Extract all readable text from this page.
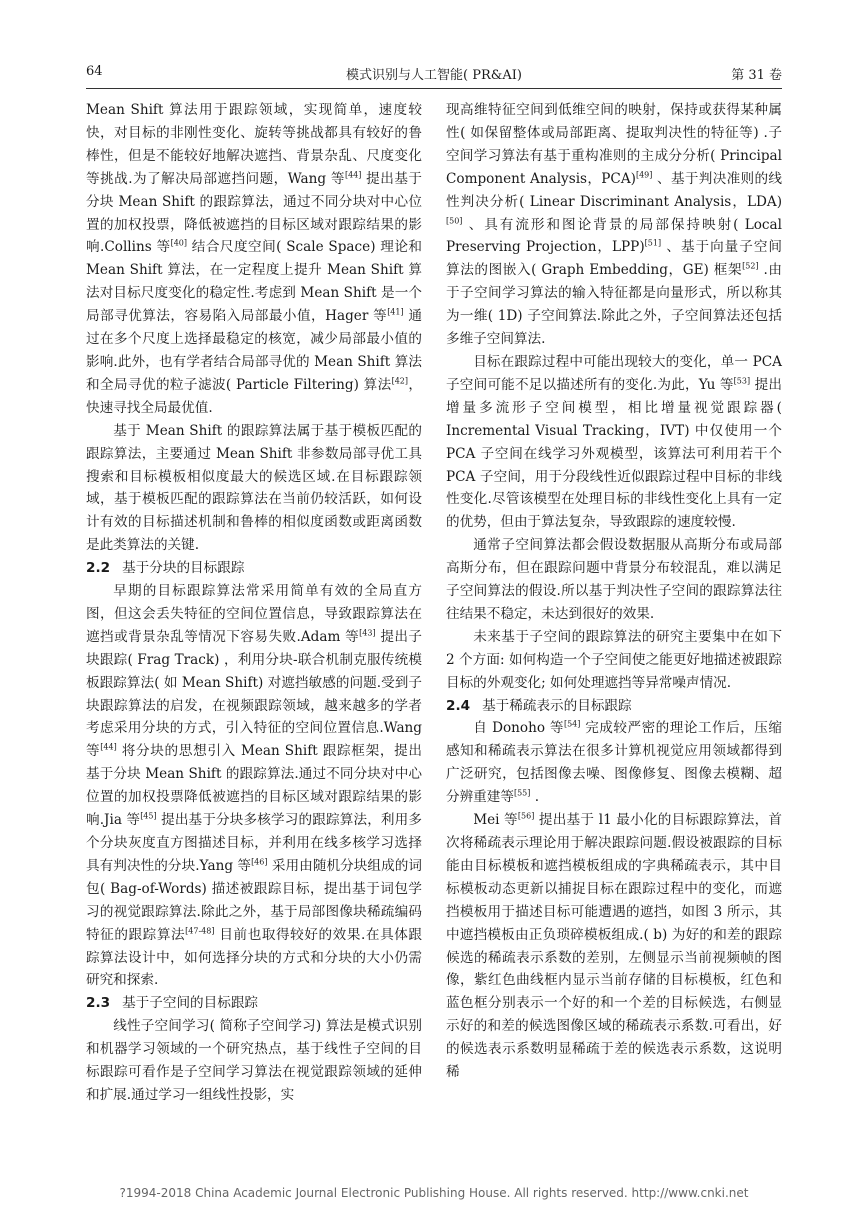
64	模式识别与人工智能( PR&AI)	第 31 卷

Mean Shift 算法用于跟踪领域，实现简单，速度较快，对目标的非刚性变化、旋转等挑战都具有较好的鲁棒性，但是不能较好地解决遮挡、背景杂乱、尺度变化等挑战.为了解决局部遮挡问题，Wang 等[44] 提出基于分块 Mean Shift 的跟踪算法，通过不同分块对中心位置的加权投票，降低被遮挡的目标区域对跟踪结果的影响.Collins 等[40] 结合尺度空间( Scale Space) 理论和 Mean Shift 算法，在一定程度上提升 Mean Shift 算法对目标尺度变化的稳定性.考虑到 Mean Shift 是一个局部寻优算法，容易陷入局部最小值，Hager 等[41] 通过在多个尺度上选择最稳定的核宽，减少局部最小值的影响.此外，也有学者结合局部寻优的 Mean Shift 算法和全局寻优的粒子滤波( Particle Filtering) 算法[42]，快速寻找全局最优值.

基于 Mean Shift 的跟踪算法属于基于模板匹配的跟踪算法，主要通过 Mean Shift 非参数局部寻优工具搜索和目标模板相似度最大的候选区域.在目标跟踪领域，基于模板匹配的跟踪算法在当前仍较活跃，如何设计有效的目标描述机制和鲁棒的相似度函数或距离函数是此类算法的关键.

2.2 基于分块的目标跟踪

早期的目标跟踪算法常采用简单有效的全局直方图，但这会丢失特征的空间位置信息，导致跟踪算法在遮挡或背景杂乱等情况下容易失败.Adam 等[43] 提出子块跟踪( Frag Track) ，利用分块-联合机制克服传统模板跟踪算法( 如 Mean Shift) 对遮挡敏感的问题.受到子块跟踪算法的启发，在视频跟踪领域，越来越多的学者考虑采用分块的方式，引入特征的空间位置信息.Wang 等[44] 将分块的思想引入 Mean Shift 跟踪框架，提出基于分块 Mean Shift 的跟踪算法.通过不同分块对中心位置的加权投票降低被遮挡的目标区域对跟踪结果的影响.Jia 等[45] 提出基于分块多核学习的跟踪算法，利用多个分块灰度直方图描述目标，并利用在线多核学习选择具有判决性的分块.Yang 等[46] 采用由随机分块组成的词包( Bag-of-Words) 描述被跟踪目标，提出基于词包学习的视觉跟踪算法.除此之外，基于局部图像块稀疏编码特征的跟踪算法[47-48] 目前也取得较好的效果.在具体跟踪算法设计中，如何选择分块的方式和分块的大小仍需研究和探索.

2.3 基于子空间的目标跟踪

线性子空间学习( 简称子空间学习) 算法是模式识别和机器学习领域的一个研究热点，基于线性子空间的目标跟踪可看作是子空间学习算法在视觉跟踪领域的延伸和扩展.通过学习一组线性投影，实

现高维特征空间到低维空间的映射，保持或获得某种属性( 如保留整体或局部距离、提取判决性的特征等) .子空间学习算法有基于重构准则的主成分分析( Principal Component Analysis，PCA)[49] 、基于判决准则的线性判决分析( Linear Discriminant Analysis，LDA)[50] 、具有流形和图论背景的局部保持映射( Local Preserving Projection，LPP)[51] 、基于向量子空间算法的图嵌入( Graph Embedding，GE) 框架[52] .由于子空间学习算法的输入特征都是向量形式，所以称其为一维( 1D) 子空间算法.除此之外，子空间算法还包括多维子空间算法.

目标在跟踪过程中可能出现较大的变化，单一 PCA 子空间可能不足以描述所有的变化.为此，Yu 等[53] 提出增量多流形子空间模型，相比增量视觉跟踪器( Incremental Visual Tracking，IVT) 中仅使用一个 PCA 子空间在线学习外观模型，该算法可利用若干个 PCA 子空间，用于分段线性近似跟踪过程中目标的非线性变化.尽管该模型在处理目标的非线性变化上具有一定的优势，但由于算法复杂，导致跟踪的速度较慢.

通常子空间算法都会假设数据服从高斯分布或局部高斯分布，但在跟踪问题中背景分布较混乱，难以满足子空间算法的假设.所以基于判决性子空间的跟踪算法往往结果不稳定，未达到很好的效果.

未来基于子空间的跟踪算法的研究主要集中在如下 2 个方面: 如何构造一个子空间使之能更好地描述被跟踪目标的外观变化; 如何处理遮挡等异常噪声情况.

2.4 基于稀疏表示的目标跟踪

自 Donoho 等[54] 完成较严密的理论工作后，压缩感知和稀疏表示算法在很多计算机视觉应用领域都得到广泛研究，包括图像去噪、图像修复、图像去模糊、超分辨重建等[55] .

Mei 等[56] 提出基于 l1 最小化的目标跟踪算法，首次将稀疏表示理论用于解决跟踪问题.假设被跟踪的目标能由目标模板和遮挡模板组成的字典稀疏表示，其中目标模板动态更新以捕捉目标在跟踪过程中的变化，而遮挡模板用于描述目标可能遭遇的遮挡，如图 3 所示，其中遮挡模板由正负琐碎模板组成.( b) 为好的和差的跟踪候选的稀疏表示系数的差别，左侧显示当前视频帧的图像，紫红色曲线框内显示当前存储的目标模板，红色和蓝色框分别表示一个好的和一个差的目标候选，右侧显示好的和差的候选图像区域的稀疏表示系数.可看出，好的候选表示系数明显稀疏于差的候选表示系数，这说明稀

?1994-2018 China Academic Journal Electronic Publishing House. All rights reserved. http://www.cnki.net
